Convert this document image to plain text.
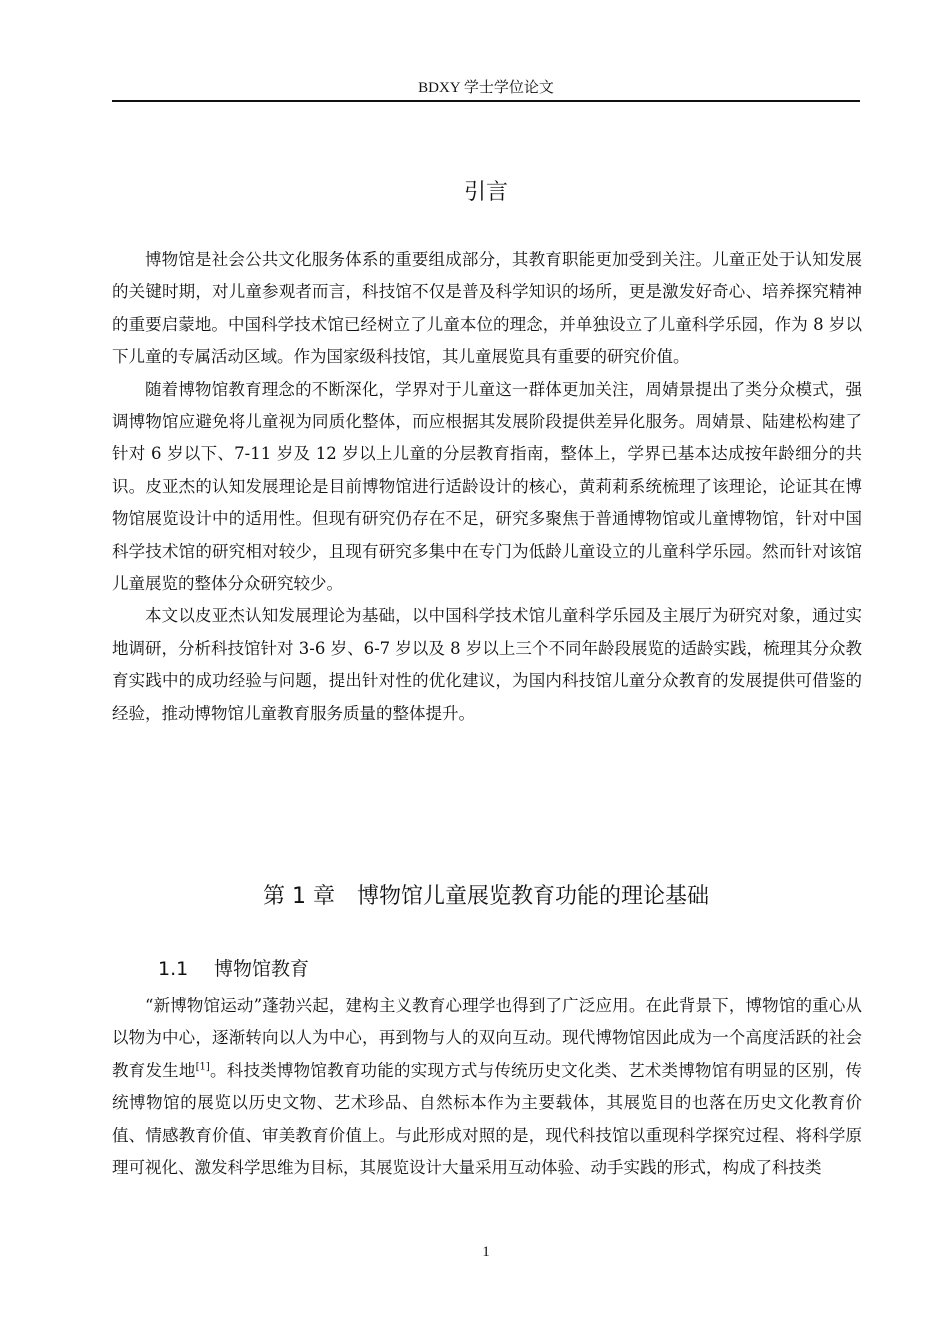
BDXY 学士学位论文
引言

博物馆是社会公共文化服务体系的重要组成部分，其教育职能更加受到关注。儿童正处于认知发展的关键时期，对儿童参观者而言，科技馆不仅是普及科学知识的场所，更是激发好奇心、培养探究精神的重要启蒙地。中国科学技术馆已经树立了儿童本位的理念，并单独设立了儿童科学乐园，作为 8 岁以下儿童的专属活动区域。作为国家级科技馆，其儿童展览具有重要的研究价值。

随着博物馆教育理念的不断深化，学界对于儿童这一群体更加关注，周婧景提出了类分众模式，强调博物馆应避免将儿童视为同质化整体，而应根据其发展阶段提供差异化服务。周婧景、陆建松构建了针对 6 岁以下、7-11 岁及 12 岁以上儿童的分层教育指南，整体上，学界已基本达成按年龄细分的共识。皮亚杰的认知发展理论是目前博物馆进行适龄设计的核心，黄莉莉系统梳理了该理论，论证其在博物馆展览设计中的适用性。但现有研究仍存在不足，研究多聚焦于普通博物馆或儿童博物馆，针对中国科学技术馆的研究相对较少，且现有研究多集中在专门为低龄儿童设立的儿童科学乐园。然而针对该馆儿童展览的整体分众研究较少。

本文以皮亚杰认知发展理论为基础，以中国科学技术馆儿童科学乐园及主展厅为研究对象，通过实地调研，分析科技馆针对 3-6 岁、6-7 岁以及 8 岁以上三个不同年龄段展览的适龄实践，梳理其分众教育实践中的成功经验与问题，提出针对性的优化建议，为国内科技馆儿童分众教育的发展提供可借鉴的经验，推动博物馆儿童教育服务质量的整体提升。

第 1 章　博物馆儿童展览教育功能的理论基础
1.1 博物馆教育

“新博物馆运动”蓬勃兴起，建构主义教育心理学也得到了广泛应用。在此背景下，博物馆的重心从以物为中心，逐渐转向以人为中心，再到物与人的双向互动。现代博物馆因此成为一个高度活跃的社会教育发生地[1]。科技类博物馆教育功能的实现方式与传统历史文化类、艺术类博物馆有明显的区别，传统博物馆的展览以历史文物、艺术珍品、自然标本作为主要载体，其展览目的也落在历史文化教育价值、情感教育价值、审美教育价值上。与此形成对照的是，现代科技馆以重现科学探究过程、将科学原理可视化、激发科学思维为目标，其展览设计大量采用互动体验、动手实践的形式，构成了科技类

1
